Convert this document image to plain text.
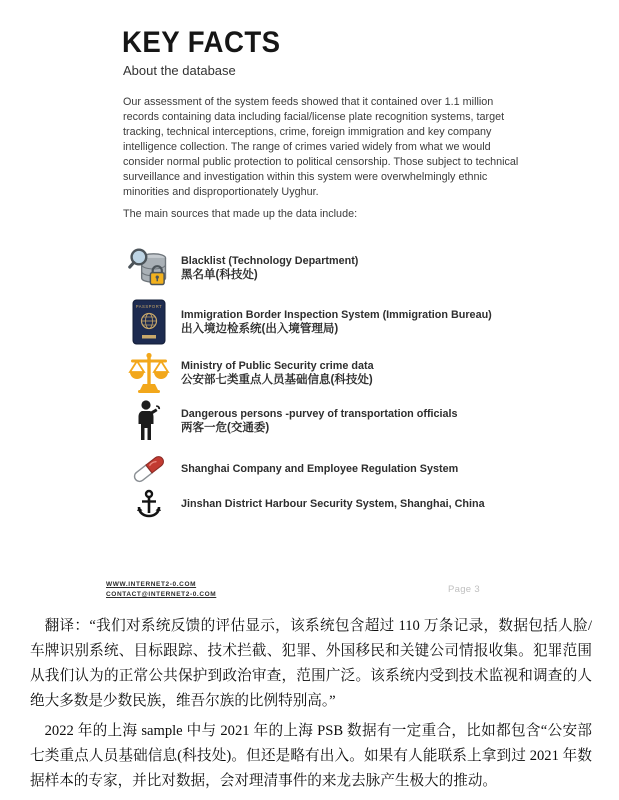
KEY FACTS
About the database
Our assessment of the system feeds showed that it contained over 1.1 million records containing data including facial/license plate recognition systems, target tracking, technical interceptions, crime, foreign immigration and key company intelligence collection. The range of crimes varied widely from what we would consider normal public protection to political censorship. Those subject to technical surveillance and investigation within this system were overwhelmingly ethnic minorities and disproportionately Uyghur.
The main sources that made up the data include:
Blacklist (Technology Department)
黑名单(科技处)
PASSPORT
Immigration Border Inspection System (Immigration Bureau)
出入境边检系统(出入境管理局)
Ministry of Public Security crime data
公安部七类重点人员基础信息(科技处)
Dangerous persons -purvey of transportation officials
两客一危(交通委)
Shanghai Company and Employee Regulation System
Jinshan District Harbour Security System, Shanghai, China
WWW.INTERNET2-0.COM
CONTACT@INTERNET2-0.COM	Page 3

翻译：“我们对系统反馈的评估显示，该系统包含超过 110 万条记录，数据包括人脸/车牌识别系统、目标跟踪、技术拦截、犯罪、外国移民和关键公司情报收集。犯罪范围从我们认为的正常公共保护到政治审查，范围广泛。该系统内受到技术监视和调查的人绝大多数是少数民族，维吾尔族的比例特别高。”

2022 年的上海 sample 中与 2021 年的上海 PSB 数据有一定重合，比如都包含“公安部七类重点人员基础信息(科技处)。但还是略有出入。如果有人能联系上拿到过 2021 年数据样本的专家，并比对数据，会对理清事件的来龙去脉产生极大的推动。
